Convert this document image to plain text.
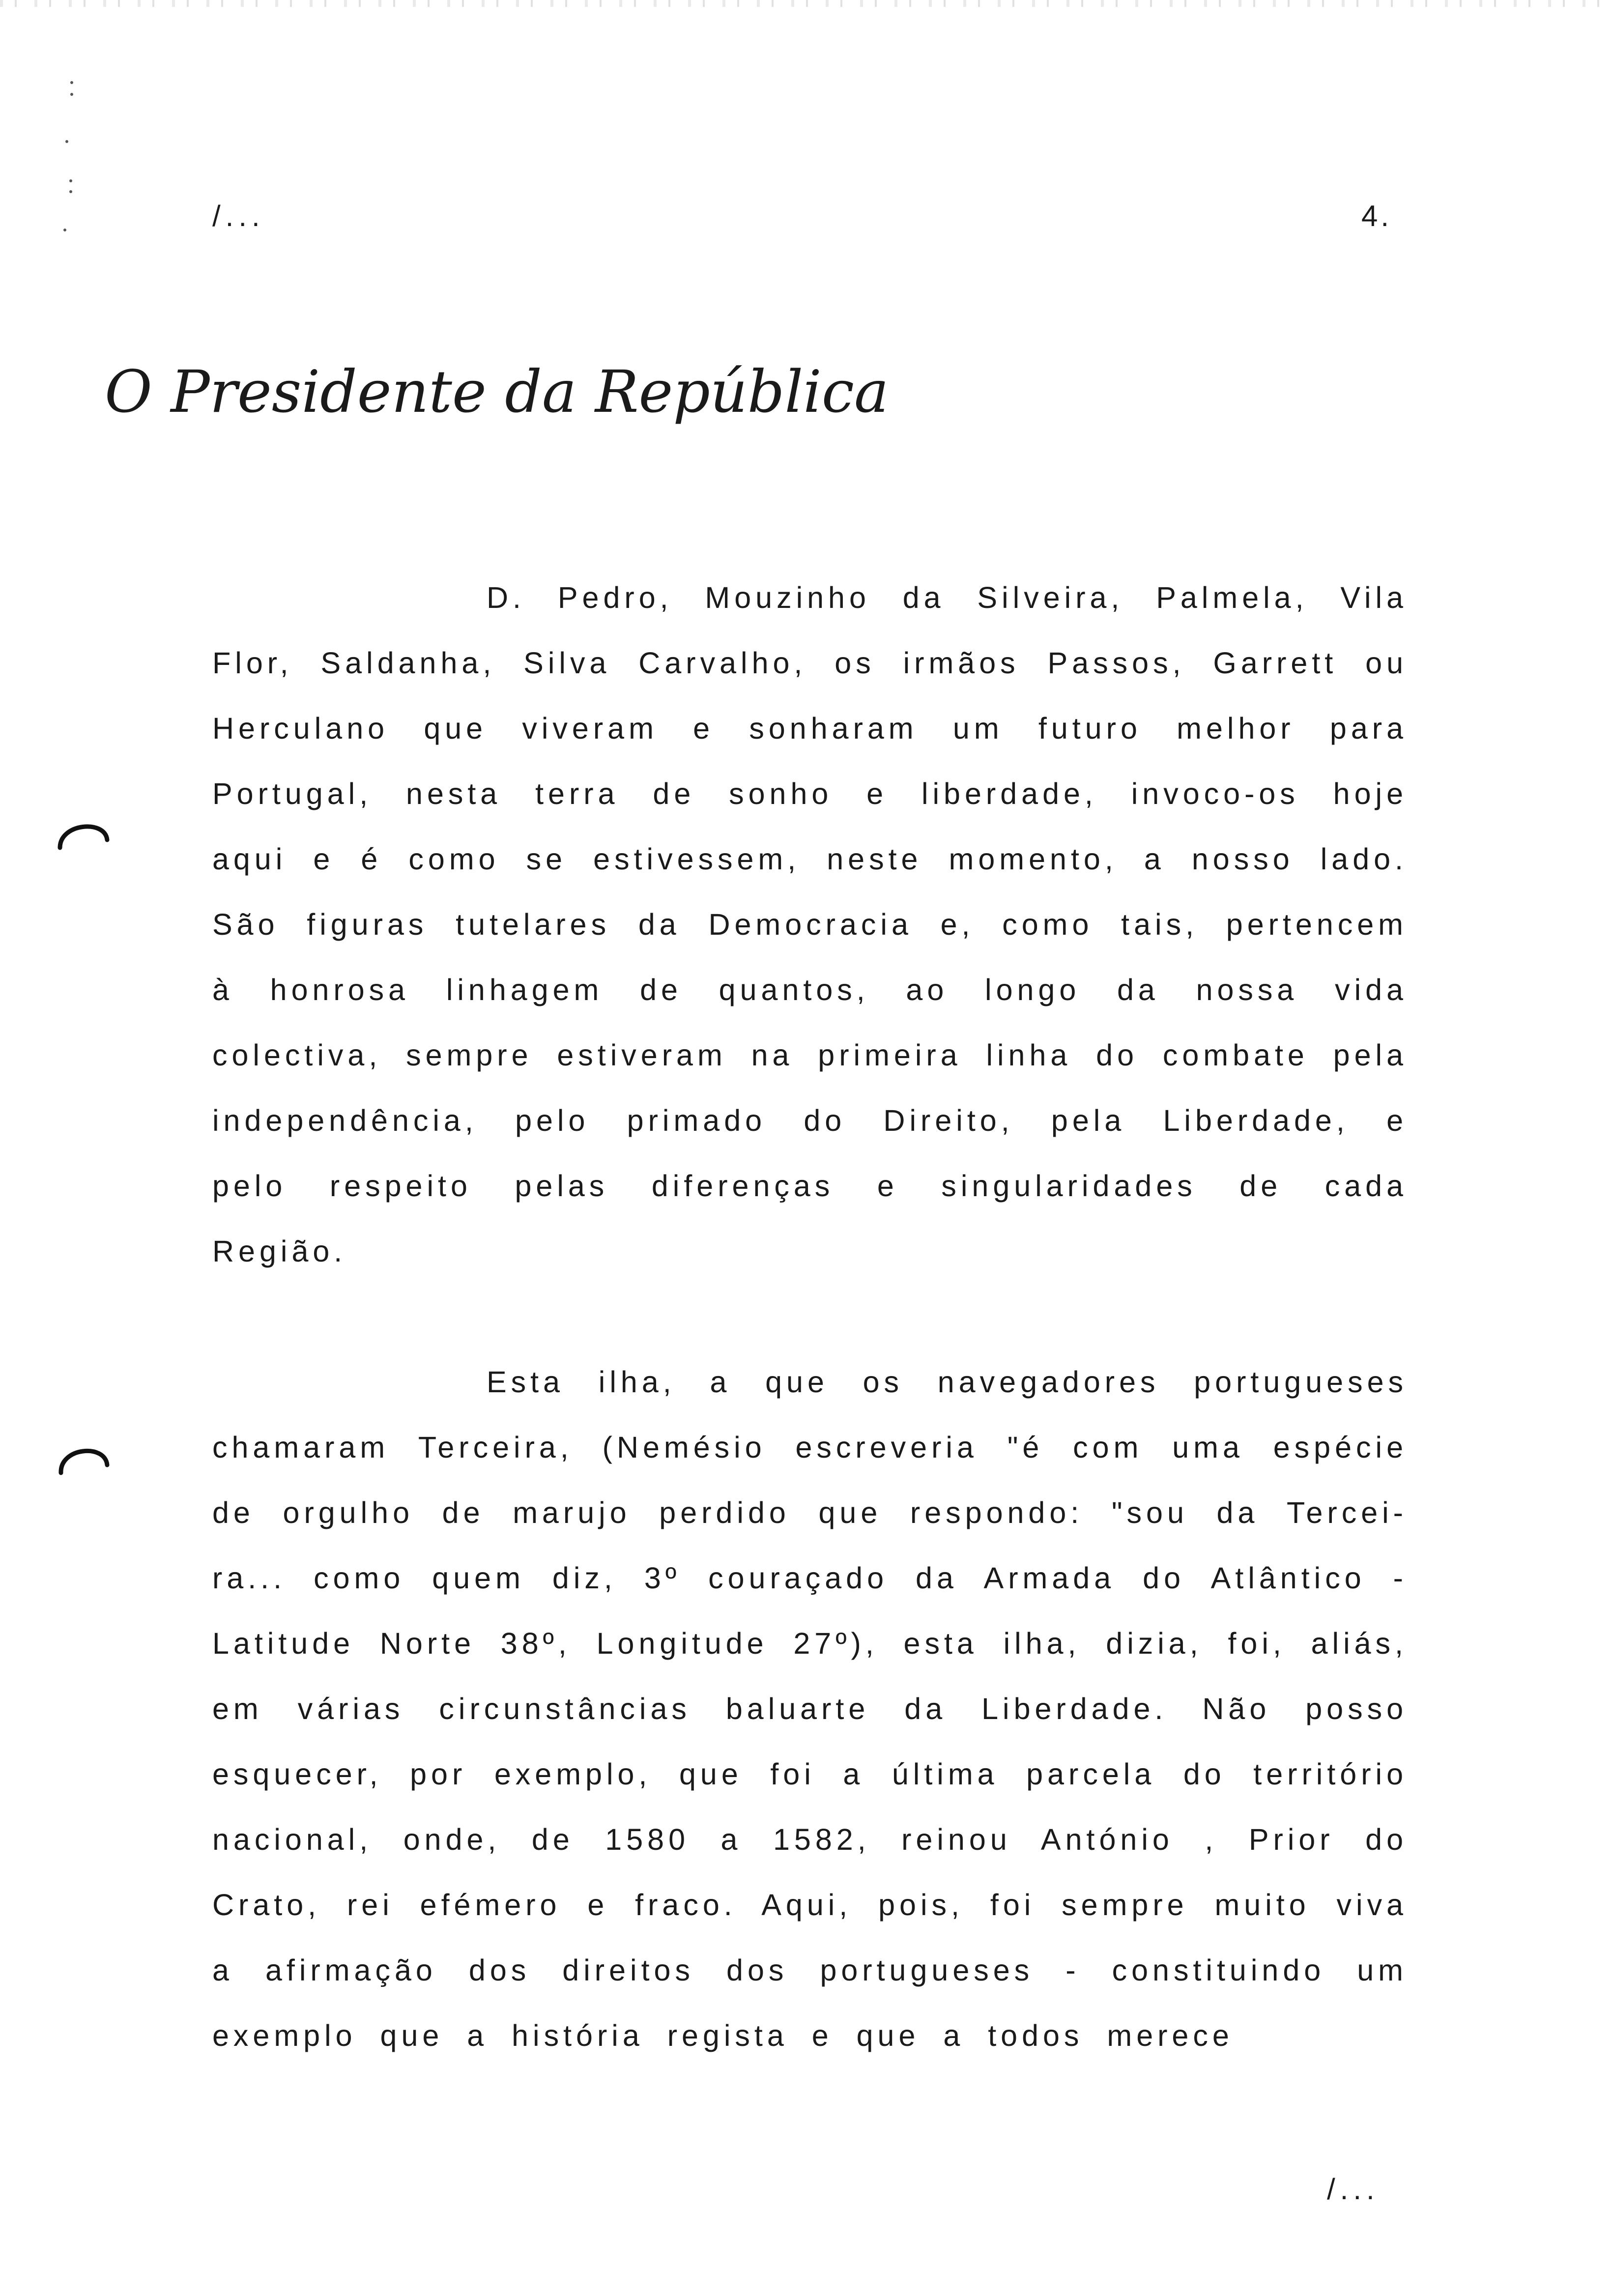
/...	4.
O Presidente da República

D. Pedro, Mouzinho da Silveira, Palmela, Vila Flor, Saldanha, Silva Carvalho, os irmãos Passos, Garrett ou Herculano que viveram e sonharam um futuro melhor para Portugal, nesta terra de sonho e liberdade, invoco-os hoje aqui e é como se estivessem, neste momento, a nosso lado. São figuras tutelares da Democracia e, como tais, pertencem à honrosa linhagem de quantos, ao longo da nossa vida colectiva, sempre estiveram na primeira linha do combate pela independência, pelo primado do Direito, pela Liberdade, e pelo respeito pelas diferenças e singularidades de cada Região.

Esta ilha, a que os navegadores portugueses chamaram Terceira, (Nemésio escreveria "é com uma espécie de orgulho de marujo perdido que respondo: "sou da Tercei-ra... como quem diz, 3º couraçado da Armada do Atlântico - Latitude Norte 38º, Longitude 27º), esta ilha, dizia, foi, aliás, em várias circunstâncias baluarte da Liberdade. Não posso esquecer, por exemplo, que foi a última parcela do território nacional, onde, de 1580 a 1582, reinou António , Prior do Crato, rei efémero e fraco. Aqui, pois, foi sempre muito viva a afirmação dos direitos dos portugueses - constituindo um exemplo que a história regista e que a todos merece

/...
